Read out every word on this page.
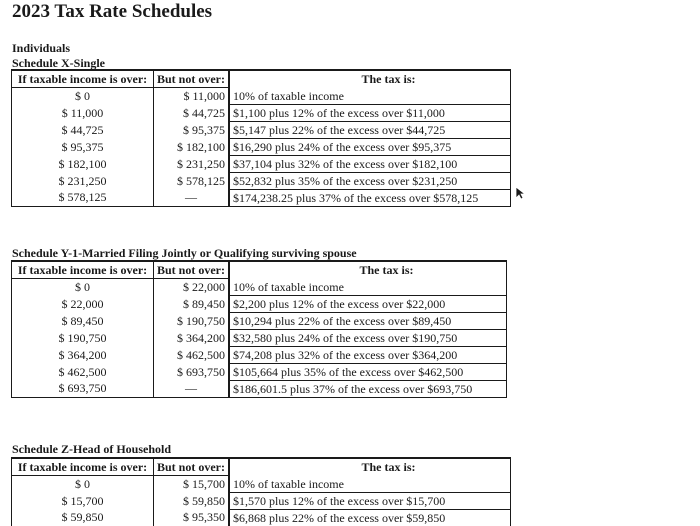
2023 Tax Rate Schedules
Individuals
Schedule X-Single
If taxable income is over:	But not over:	The tax is:
$ 0	$ 11,000	10% of taxable income
$ 11,000	$ 44,725	$1,100 plus 12% of the excess over $11,000
$ 44,725	$ 95,375	$5,147 plus 22% of the excess over $44,725
$ 95,375	$ 182,100	$16,290 plus 24% of the excess over $95,375
$ 182,100	$ 231,250	$37,104 plus 32% of the excess over $182,100
$ 231,250	$ 578,125	$52,832 plus 35% of the excess over $231,250
$ 578,125	—	$174,238.25 plus 37% of the excess over $578,125
Schedule Y-1-Married Filing Jointly or Qualifying surviving spouse
If taxable income is over:	But not over:	The tax is:
$ 0	$ 22,000	10% of taxable income
$ 22,000	$ 89,450	$2,200 plus 12% of the excess over $22,000
$ 89,450	$ 190,750	$10,294 plus 22% of the excess over $89,450
$ 190,750	$ 364,200	$32,580 plus 24% of the excess over $190,750
$ 364,200	$ 462,500	$74,208 plus 32% of the excess over $364,200
$ 462,500	$ 693,750	$105,664 plus 35% of the excess over $462,500
$ 693,750	—	$186,601.5 plus 37% of the excess over $693,750
Schedule Z-Head of Household
If taxable income is over:	But not over:	The tax is:
$ 0	$ 15,700	10% of taxable income
$ 15,700	$ 59,850	$1,570 plus 12% of the excess over $15,700
$ 59,850	$ 95,350	$6,868 plus 22% of the excess over $59,850
